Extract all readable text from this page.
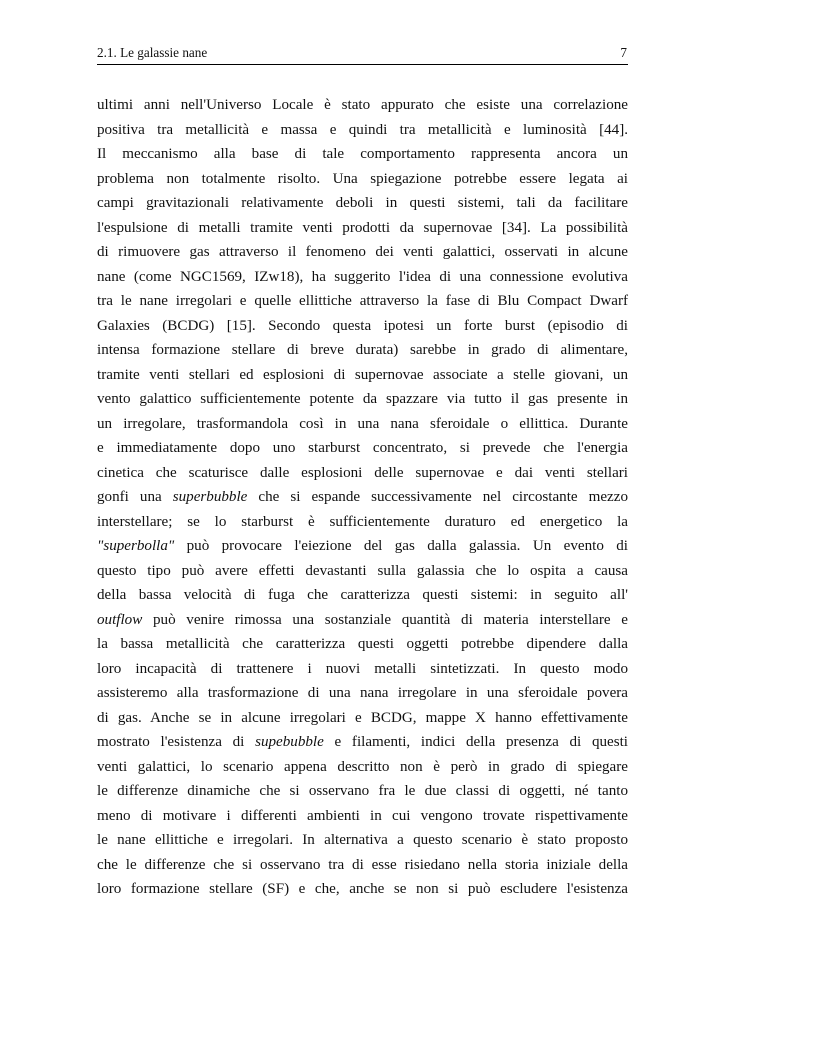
2.1. Le galassie nane	7
ultimi anni nell'Universo Locale è stato appurato che esiste una correlazione
positiva tra metallicità e massa e quindi tra metallicità e luminosità [44].
Il meccanismo alla base di tale comportamento rappresenta ancora un
problema non totalmente risolto. Una spiegazione potrebbe essere legata ai
campi gravitazionali relativamente deboli in questi sistemi, tali da facilitare
l'espulsione di metalli tramite venti prodotti da supernovae [34]. La possibilità
di rimuovere gas attraverso il fenomeno dei venti galattici, osservati in alcune
nane (come NGC1569, IZw18), ha suggerito l'idea di una connessione evolutiva
tra le nane irregolari e quelle ellittiche attraverso la fase di Blu Compact Dwarf
Galaxies (BCDG) [15]. Secondo questa ipotesi un forte burst (episodio di
intensa formazione stellare di breve durata) sarebbe in grado di alimentare,
tramite venti stellari ed esplosioni di supernovae associate a stelle giovani, un
vento galattico sufficientemente potente da spazzare via tutto il gas presente in
un irregolare, trasformandola così in una nana sferoidale o ellittica. Durante
e immediatamente dopo uno starburst concentrato, si prevede che l'energia
cinetica che scaturisce dalle esplosioni delle supernovae e dai venti stellari
gonfi una superbubble che si espande successivamente nel circostante mezzo
interstellare; se lo starburst è sufficientemente duraturo ed energetico la
"superbolla" può provocare l'eiezione del gas dalla galassia. Un evento di
questo tipo può avere effetti devastanti sulla galassia che lo ospita a causa
della bassa velocità di fuga che caratterizza questi sistemi: in seguito all'
outflow può venire rimossa una sostanziale quantità di materia interstellare e
la bassa metallicità che caratterizza questi oggetti potrebbe dipendere dalla
loro incapacità di trattenere i nuovi metalli sintetizzati. In questo modo
assisteremo alla trasformazione di una nana irregolare in una sferoidale povera
di gas. Anche se in alcune irregolari e BCDG, mappe X hanno effettivamente
mostrato l'esistenza di supebubble e filamenti, indici della presenza di questi
venti galattici, lo scenario appena descritto non è però in grado di spiegare
le differenze dinamiche che si osservano fra le due classi di oggetti, né tanto
meno di motivare i differenti ambienti in cui vengono trovate rispettivamente
le nane ellittiche e irregolari. In alternativa a questo scenario è stato proposto
che le differenze che si osservano tra di esse risiedano nella storia iniziale della
loro formazione stellare (SF) e che, anche se non si può escludere l'esistenza
